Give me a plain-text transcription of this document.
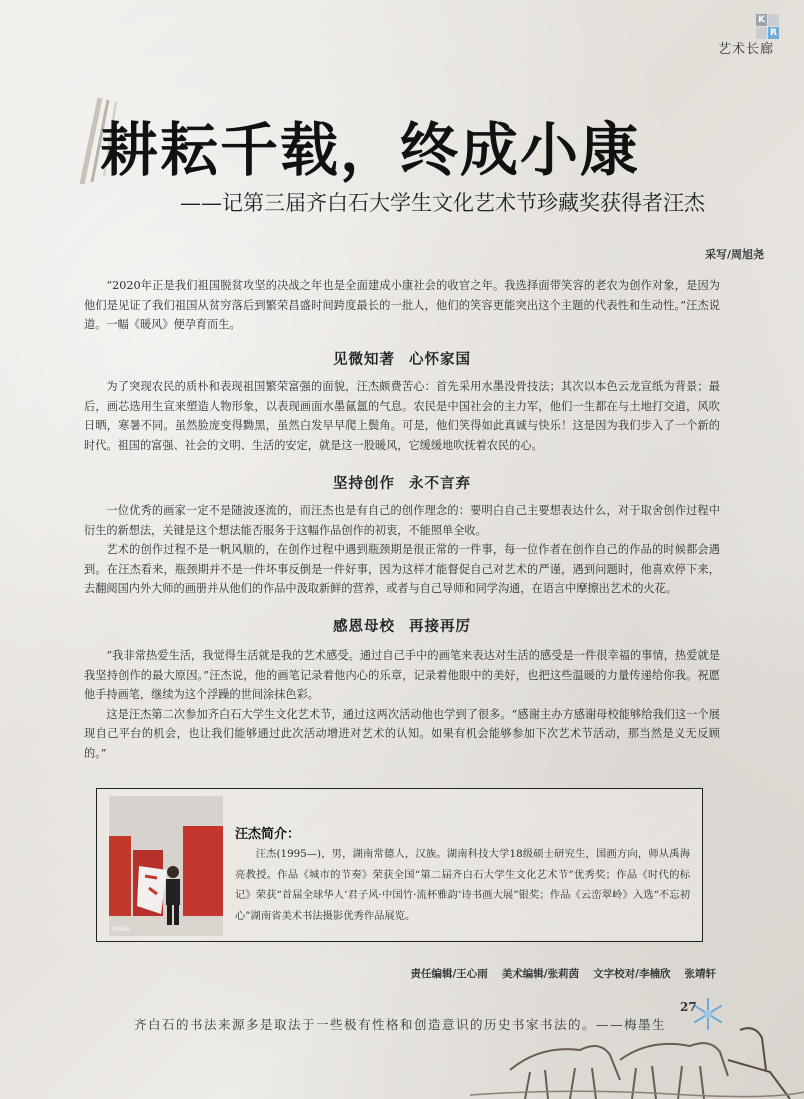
K
R
艺术长廊
耕耘千载，终成小康
——记第三届齐白石大学生文化艺术节珍藏奖获得者汪杰
采写/周旭尧

“2020年正是我们祖国脱贫攻坚的决战之年也是全面建成小康社会的收官之年。我选择面带笑容的老农为创作对象，是因为他们是见证了我们祖国从贫穷落后到繁荣昌盛时间跨度最长的一批人，他们的笑容更能突出这个主题的代表性和生动性。”汪杰说道。一幅《暖风》便孕育而生。

见微知著 心怀家国

为了突现农民的质朴和表现祖国繁荣富强的面貌，汪杰颇费苦心：首先采用水墨没骨技法；其次以本色云龙宣纸为背景；最后，画芯选用生宣来塑造人物形象，以表现画面水墨氤氲的气息。农民是中国社会的主力军，他们一生都在与土地打交道，风吹日晒，寒暑不同。虽然脸庞变得黝黑，虽然白发早早爬上鬓角。可是，他们笑得如此真诚与快乐！这是因为我们步入了一个新的时代。祖国的富强、社会的文明、生活的安定，就是这一股暖风，它缓缓地吹抚着农民的心。

坚持创作 永不言弃

一位优秀的画家一定不是随波逐流的，而汪杰也是有自己的创作理念的：要明白自己主要想表达什么，对于取舍创作过程中衍生的新想法，关键是这个想法能否服务于这幅作品创作的初衷，不能照单全收。

艺术的创作过程不是一帆风顺的，在创作过程中遇到瓶颈期是很正常的一件事，每一位作者在创作自己的作品的时候都会遇到。在汪杰看来，瓶颈期并不是一件坏事反倒是一件好事，因为这样才能督促自己对艺术的严谨，遇到问题时，他喜欢停下来，去翻阅国内外大师的画册并从他们的作品中汲取新鲜的营养，或者与自己导师和同学沟通，在语言中摩擦出艺术的火花。

感恩母校 再接再厉

“我非常热爱生活，我觉得生活就是我的艺术感受。通过自己手中的画笔来表达对生活的感受是一件很幸福的事情，热爱就是我坚持创作的最大原因。”汪杰说，他的画笔记录着他内心的乐章，记录着他眼中的美好，也把这些温暖的力量传递给你我。祝愿他手持画笔，继续为这个浮躁的世间涂抹色彩。

这是汪杰第二次参加齐白石大学生文化艺术节，通过这两次活动他也学到了很多。“感谢主办方感谢母校能够给我们这一个展现自己平台的机会，也让我们能够通过此次活动增进对艺术的认知。如果有机会能够参加下次艺术节活动，那当然是义无反顾的。”

PISBo
汪杰简介：
汪杰(1995—)，男，湖南常德人，汉族。湖南科技大学18级硕士研究生，国画方向，师从禹海亮教授。作品《城市的节奏》荣获全国“第二届齐白石大学生文化艺术节”优秀奖；作品《时代的标记》荣获“首届全球华人‘君子风·中国竹·流杯雅韵’诗书画大展”银奖；作品《云峦翠岭》入选“不忘初心”湖南省美术书法摄影优秀作品展览。
责任编辑/王心雨 美术编辑/张莉茵 文字校对/李楠欣 张靖轩
27
齐白石的书法来源多是取法于一些极有性格和创造意识的历史书家书法的。——梅墨生
